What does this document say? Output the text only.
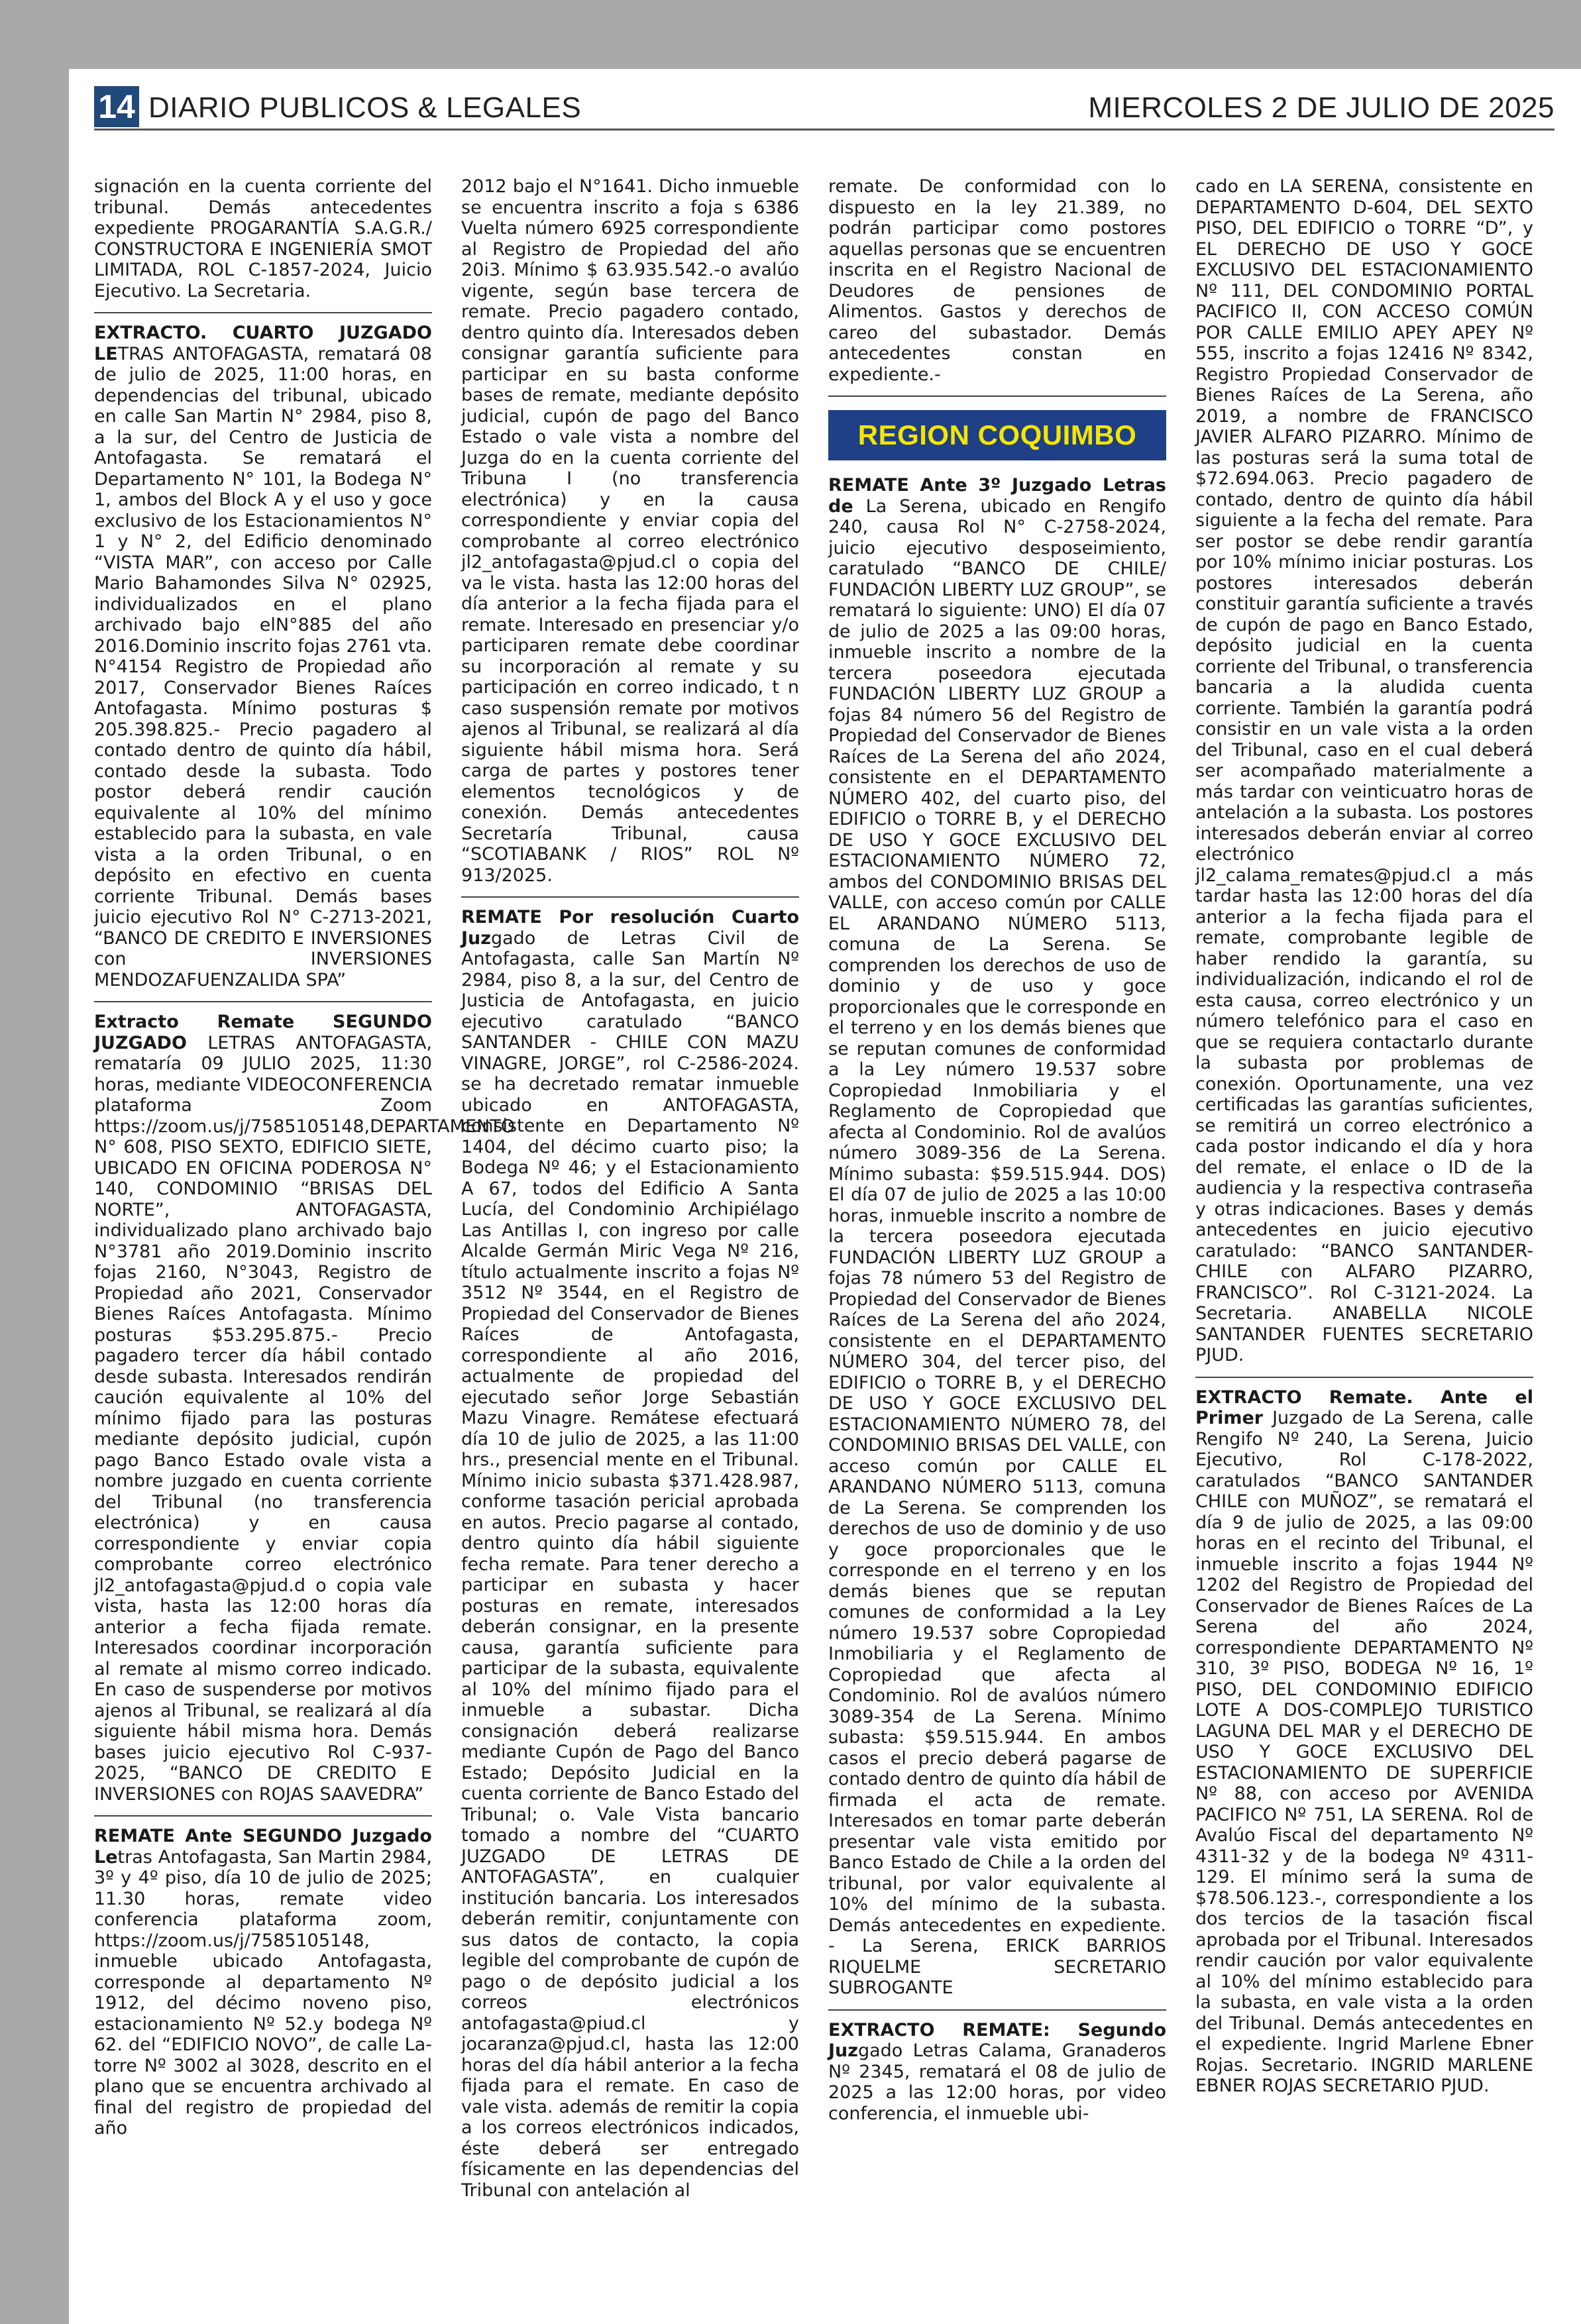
14 DIARIO PUBLICOS & LEGALES	MIERCOLES 2 DE JULIO DE 2025

signación en la cuenta corriente del tribunal. Demás antecedentes expediente PROGARANTÍA S.A.G.R./ CONSTRUCTORA E INGENIERÍA SMOT LIMITADA, ROL C-1857-2024, Juicio Ejecutivo. La Secretaria.

EXTRACTO. CUARTO JUZGADO LETRAS ANTOFAGASTA, rematará 08 de julio de 2025, 11:00 horas, en dependencias del tribunal, ubicado en calle San Martin N° 2984, piso 8, a la sur, del Centro de Justicia de Antofagasta. Se rematará el Departamento N° 101, la Bodega N° 1, ambos del Block A y el uso y goce exclusivo de los Estacionamientos N° 1 y N° 2, del Edificio denominado “VISTA MAR”, con acceso por Calle Mario Bahamondes Silva N° 02925, individualizados en el plano archivado bajo elN°885 del año 2016.Dominio inscrito fojas 2761 vta. N°4154 Registro de Propiedad año 2017, Conservador Bienes Raíces Antofagasta. Mínimo posturas $ 205.398.825.- Precio pagadero al contado dentro de quinto día hábil, contado desde la subasta. Todo postor deberá rendir caución equivalente al 10% del mínimo establecido para la subasta, en vale vista a la orden Tribunal, o en depósito en efectivo en cuenta corriente Tribunal. Demás bases juicio ejecutivo Rol N° C-2713-2021, “BANCO DE CREDITO E INVERSIONES con INVERSIONES MENDOZAFUENZALIDA SPA”

Extracto Remate SEGUNDO JUZGADO LETRAS ANTOFAGASTA, remataría 09 JULIO 2025, 11:30 horas, mediante VIDEOCONFERENCIA plataforma Zoom https://zoom.us/j/7585105148,DEPARTAMENTO N° 608, PISO SEXTO, EDIFICIO SIETE, UBICADO EN OFICINA PODEROSA N° 140, CONDOMINIO “BRISAS DEL NORTE”, ANTOFAGASTA, individualizado plano archivado bajo N°3781 año 2019.Dominio inscrito fojas 2160, N°3043, Registro de Propiedad año 2021, Conservador Bienes Raíces Antofagasta. Mínimo posturas $53.295.875.- Precio pagadero tercer día hábil contado desde subasta. Interesados rendirán caución equivalente al 10% del mínimo fijado para las posturas mediante depósito judicial, cupón pago Banco Estado ovale vista a nombre juzgado en cuenta corriente del Tribunal (no transferencia electrónica) y en causa correspondiente y enviar copia comprobante correo electrónico jl2_antofagasta@pjud.d o copia vale vista, hasta las 12:00 horas día anterior a fecha fijada remate. Interesados coordinar incorporación al remate al mismo correo indicado. En caso de suspenderse por motivos ajenos al Tribunal, se realizará al día siguiente hábil misma hora. Demás bases juicio ejecutivo Rol C-937-2025, “BANCO DE CREDITO E INVERSIONES con ROJAS SAAVEDRA”

REMATE Ante SEGUNDO Juzgado Letras Antofagasta, San Martin 2984, 3º y 4º piso, día 10 de julio de 2025; 11.30 horas, remate video conferencia plataforma zoom, https://zoom.us/j/7585105148, inmueble ubicado Antofagasta, corresponde al departamento Nº 1912, del décimo noveno piso, estacionamiento Nº 52.y bodega Nº 62. del “EDIFICIO NOVO”, de calle La-torre Nº 3002 al 3028, descrito en el plano que se encuentra archivado al final del registro de propiedad del año

2012 bajo el N°1641. Dicho inmueble se encuentra inscrito a foja s 6386 Vuelta número 6925 correspondiente al Registro de Propiedad del año 20i3. Mínimo $ 63.935.542.-o avalúo vigente, según base tercera de remate. Precio pagadero contado, dentro quinto día. Interesados deben consignar garantía suficiente para participar en su basta conforme bases de remate, mediante depósito judicial, cupón de pago del Banco Estado o vale vista a nombre del Juzga do en la cuenta corriente del Tribuna I (no transferencia electrónica) y en la causa correspondiente y enviar copia del comprobante al correo electrónico jl2_antofagasta@pjud.cl o copia del va le vista. hasta las 12:00 horas del día anterior a la fecha fijada para el remate. Interesado en presenciar y/o participaren remate debe coordinar su incorporación al remate y su participación en correo indicado, t n caso suspensión remate por motivos ajenos al Tribunal, se realizará al día siguiente hábil misma hora. Será carga de partes y postores tener elementos tecnológicos y de conexión. Demás antecedentes Secretaría Tribunal, causa “SCOTIABANK / RIOS” ROL Nº 913/2025.

REMATE Por resolución Cuarto Juzgado de Letras Civil de Antofagasta, calle San Martín Nº 2984, piso 8, a la sur, del Centro de Justicia de Antofagasta, en juicio ejecutivo caratulado “BANCO SANTANDER - CHILE CON MAZU VINAGRE, JORGE”, rol C-2586-2024. se ha decretado rematar inmueble ubicado en ANTOFAGASTA, consistente en Departamento Nº 1404, del décimo cuarto piso; la Bodega Nº 46; y el Estacionamiento A 67, todos del Edificio A Santa Lucía, del Condominio Archipiélago Las Antillas I, con ingreso por calle Alcalde Germán Miric Vega Nº 216, título actualmente inscrito a fojas Nº 3512 Nº 3544, en el Registro de Propiedad del Conservador de Bienes Raíces de Antofagasta, correspondiente al año 2016, actualmente de propiedad del ejecutado señor Jorge Sebastián Mazu Vinagre. Remátese efectuará día 10 de julio de 2025, a las 11:00 hrs., presencial mente en el Tribunal. Mínimo inicio subasta $371.428.987, conforme tasación pericial aprobada en autos. Precio pagarse al contado, dentro quinto día hábil siguiente fecha remate. Para tener derecho a participar en subasta y hacer posturas en remate, interesados deberán consignar, en la presente causa, garantía suficiente para participar de la subasta, equivalente al 10% del mínimo fijado para el inmueble a subastar. Dicha consignación deberá realizarse mediante Cupón de Pago del Banco Estado; Depósito Judicial en la cuenta corriente de Banco Estado del Tribunal; o. Vale Vista bancario tomado a nombre del “CUARTO JUZGADO DE LETRAS DE ANTOFAGASTA”, en cualquier institución bancaria. Los interesados deberán remitir, conjuntamente con sus datos de contacto, la copia legible del comprobante de cupón de pago o de depósito judicial a los correos electrónicos antofagasta@piud.cl y jocaranza@pjud.cl, hasta las 12:00 horas del día hábil anterior a la fecha fijada para el remate. En caso de vale vista. además de remitir la copia a los correos electrónicos indicados, éste deberá ser entregado físicamente en las dependencias del Tribunal con antelación al

remate. De conformidad con lo dispuesto en la ley 21.389, no podrán participar como postores aquellas personas que se encuentren inscrita en el Registro Nacional de Deudores de pensiones de Alimentos. Gastos y derechos de careo del subastador. Demás antecedentes constan en expediente.-

REGION COQUIMBO

REMATE Ante 3º Juzgado Letras de La Serena, ubicado en Rengifo 240, causa Rol N° C-2758-2024, juicio ejecutivo desposeimiento, caratulado “BANCO DE CHILE/ FUNDACIÓN LIBERTY LUZ GROUP”, se rematará lo siguiente: UNO) El día 07 de julio de 2025 a las 09:00 horas, inmueble inscrito a nombre de la tercera poseedora ejecutada FUNDACIÓN LIBERTY LUZ GROUP a fojas 84 número 56 del Registro de Propiedad del Conservador de Bienes Raíces de La Serena del año 2024, consistente en el DEPARTAMENTO NÚMERO 402, del cuarto piso, del EDIFICIO o TORRE B, y el DERECHO DE USO Y GOCE EXCLUSIVO DEL ESTACIONAMIENTO NÚMERO 72, ambos del CONDOMINIO BRISAS DEL VALLE, con acceso común por CALLE EL ARANDANO NÚMERO 5113, comuna de La Serena. Se comprenden los derechos de uso de dominio y de uso y goce proporcionales que le corresponde en el terreno y en los demás bienes que se reputan comunes de conformidad a la Ley número 19.537 sobre Copropiedad Inmobiliaria y el Reglamento de Copropiedad que afecta al Condominio. Rol de avalúos número 3089-356 de La Serena. Mínimo subasta: $59.515.944. DOS) El día 07 de julio de 2025 a las 10:00 horas, inmueble inscrito a nombre de la tercera poseedora ejecutada FUNDACIÓN LIBERTY LUZ GROUP a fojas 78 número 53 del Registro de Propiedad del Conservador de Bienes Raíces de La Serena del año 2024, consistente en el DEPARTAMENTO NÚMERO 304, del tercer piso, del EDIFICIO o TORRE B, y el DERECHO DE USO Y GOCE EXCLUSIVO DEL ESTACIONAMIENTO NÚMERO 78, del CONDOMINIO BRISAS DEL VALLE, con acceso común por CALLE EL ARANDANO NÚMERO 5113, comuna de La Serena. Se comprenden los derechos de uso de dominio y de uso y goce proporcionales que le corresponde en el terreno y en los demás bienes que se reputan comunes de conformidad a la Ley número 19.537 sobre Copropiedad Inmobiliaria y el Reglamento de Copropiedad que afecta al Condominio. Rol de avalúos número 3089-354 de La Serena. Mínimo subasta: $59.515.944. En ambos casos el precio deberá pagarse de contado dentro de quinto día hábil de firmada el acta de remate. Interesados en tomar parte deberán presentar vale vista emitido por Banco Estado de Chile a la orden del tribunal, por valor equivalente al 10% del mínimo de la subasta. Demás antecedentes en expediente. - La Serena, ERICK BARRIOS RIQUELME SECRETARIO SUBROGANTE

EXTRACTO REMATE: Segundo Juzgado Letras Calama, Granaderos Nº 2345, rematará el 08 de julio de 2025 a las 12:00 horas, por video conferencia, el inmueble ubi-

cado en LA SERENA, consistente en DEPARTAMENTO D-604, DEL SEXTO PISO, DEL EDIFICIO o TORRE “D”, y EL DERECHO DE USO Y GOCE EXCLUSIVO DEL ESTACIONAMIENTO Nº 111, DEL CONDOMINIO PORTAL PACIFICO II, CON ACCESO COMÚN POR CALLE EMILIO APEY APEY Nº 555, inscrito a fojas 12416 Nº 8342, Registro Propiedad Conservador de Bienes Raíces de La Serena, año 2019, a nombre de FRANCISCO JAVIER ALFARO PIZARRO. Mínimo de las posturas será la suma total de $72.694.063. Precio pagadero de contado, dentro de quinto día hábil siguiente a la fecha del remate. Para ser postor se debe rendir garantía por 10% mínimo iniciar posturas. Los postores interesados deberán constituir garantía suficiente a través de cupón de pago en Banco Estado, depósito judicial en la cuenta corriente del Tribunal, o transferencia bancaria a la aludida cuenta corriente. También la garantía podrá consistir en un vale vista a la orden del Tribunal, caso en el cual deberá ser acompañado materialmente a más tardar con veinticuatro horas de antelación a la subasta. Los postores interesados deberán enviar al correo electrónico jl2_calama_remates@pjud.cl a más tardar hasta las 12:00 horas del día anterior a la fecha fijada para el remate, comprobante legible de haber rendido la garantía, su individualización, indicando el rol de esta causa, correo electrónico y un número telefónico para el caso en que se requiera contactarlo durante la subasta por problemas de conexión. Oportunamente, una vez certificadas las garantías suficientes, se remitirá un correo electrónico a cada postor indicando el día y hora del remate, el enlace o ID de la audiencia y la respectiva contraseña y otras indicaciones. Bases y demás antecedentes en juicio ejecutivo caratulado: “BANCO SANTANDER- CHILE con ALFARO PIZARRO, FRANCISCO”. Rol C-3121-2024. La Secretaria. ANABELLA NICOLE SANTANDER FUENTES SECRETARIO PJUD.

EXTRACTO Remate. Ante el Primer Juzgado de La Serena, calle Rengifo Nº 240, La Serena, Juicio Ejecutivo, Rol C-178-2022, caratulados “BANCO SANTANDER CHILE con MUÑOZ”, se rematará el día 9 de julio de 2025, a las 09:00 horas en el recinto del Tribunal, el inmueble inscrito a fojas 1944 Nº 1202 del Registro de Propiedad del Conservador de Bienes Raíces de La Serena del año 2024, correspondiente DEPARTAMENTO Nº 310, 3º PISO, BODEGA Nº 16, 1º PISO, DEL CONDOMINIO EDIFICIO LOTE A DOS-COMPLEJO TURISTICO LAGUNA DEL MAR y el DERECHO DE USO Y GOCE EXCLUSIVO DEL ESTACIONAMIENTO DE SUPERFICIE Nº 88, con acceso por AVENIDA PACIFICO Nº 751, LA SERENA. Rol de Avalúo Fiscal del departamento Nº 4311-32 y de la bodega Nº 4311-129. El mínimo será la suma de $78.506.123.-, correspondiente a los dos tercios de la tasación fiscal aprobada por el Tribunal. Interesados rendir caución por valor equivalente al 10% del mínimo establecido para la subasta, en vale vista a la orden del Tribunal. Demás antecedentes en el expediente. Ingrid Marlene Ebner Rojas. Secretario. INGRID MARLENE EBNER ROJAS SECRETARIO PJUD.
